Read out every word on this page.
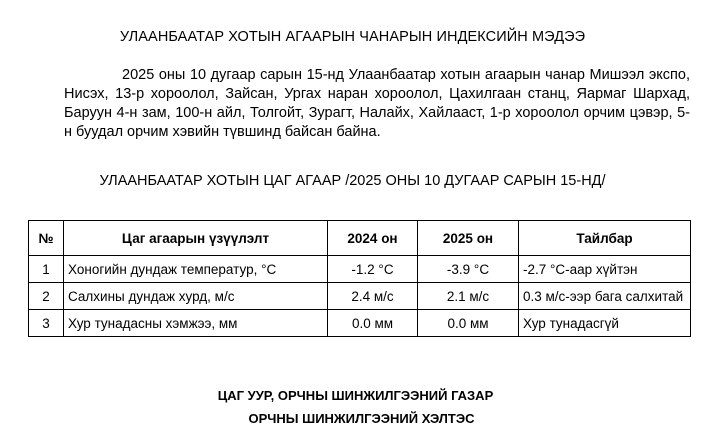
УЛААНБААТАР ХОТЫН АГААРЫН ЧАНАРЫН ИНДЕКСИЙН МЭДЭЭ

2025 оны 10 дугаар сарын 15-нд Улаанбаатар хотын агаарын чанар Мишээл экспо, Нисэх, 13-р хороолол, Зайсан, Ургах наран хороолол, Цахилгаан станц, Яармаг Шархад, Баруун 4-н зам, 100-н айл, Толгойт, Зурагт, Налайх, Хайлааст, 1-р хороолол орчим цэвэр, 5-н буудал орчим хэвийн түвшинд байсан байна.

УЛААНБААТАР ХОТЫН ЦАГ АГААР /2025 ОНЫ 10 ДУГААР САРЫН 15-НД/
№	Цаг агаарын үзүүлэлт	2024 он	2025 он	Тайлбар
1	Хоногийн дундаж температур, °C	-1.2 °C	-3.9 °C	-2.7 °C-аар хүйтэн
2	Салхины дундаж хурд, м/с	2.4 м/с	2.1 м/с	0.3 м/с-ээр бага салхитай
3	Хур тунадасны хэмжээ, мм	0.0 мм	0.0 мм	Хур тунадасгүй
ЦАГ УУР, ОРЧНЫ ШИНЖИЛГЭЭНИЙ ГАЗАР
ОРЧНЫ ШИНЖИЛГЭЭНИЙ ХЭЛТЭС
